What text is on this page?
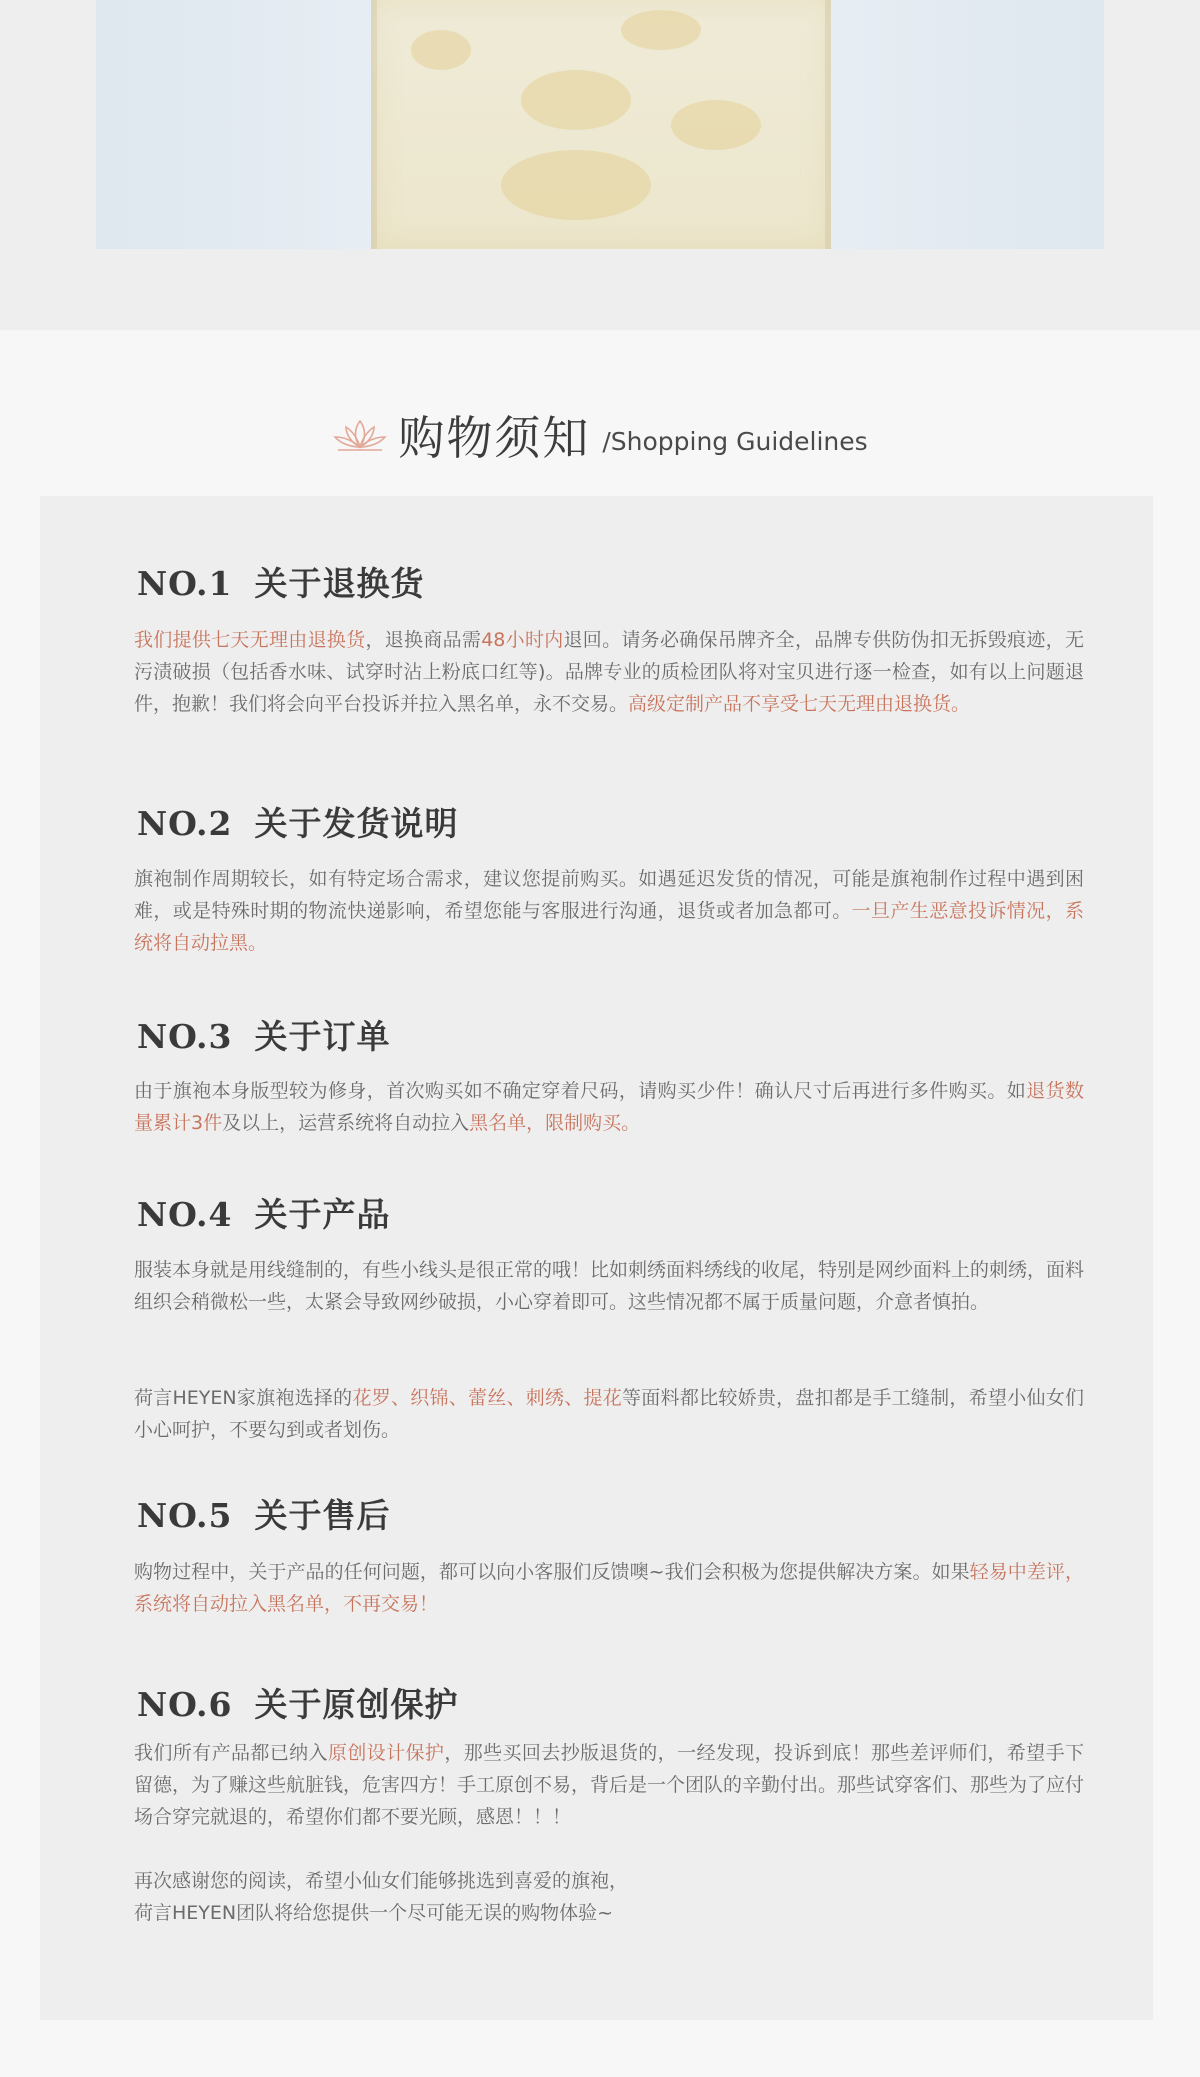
购物须知 /Shopping Guidelines
NO.1 关于退换货

我们提供七天无理由退换货，退换商品需48小时内退回。请务必确保吊牌齐全，品牌专供防伪扣无拆毁痕迹，无污渍破损（包括香水味、试穿时沾上粉底口红等)。品牌专业的质检团队将对宝贝进行逐一检查，如有以上问题退件，抱歉！我们将会向平台投诉并拉入黑名单，永不交易。高级定制产品不享受七天无理由退换货。

NO.2 关于发货说明

旗袍制作周期较长，如有特定场合需求，建议您提前购买。如遇延迟发货的情况，可能是旗袍制作过程中遇到困难，或是特殊时期的物流快递影响，希望您能与客服进行沟通，退货或者加急都可。一旦产生恶意投诉情况，系统将自动拉黑。

NO.3 关于订单

由于旗袍本身版型较为修身，首次购买如不确定穿着尺码，请购买少件！确认尺寸后再进行多件购买。如退货数量累计3件及以上，运营系统将自动拉入黑名单，限制购买。

NO.4 关于产品

服装本身就是用线缝制的，有些小线头是很正常的哦！比如刺绣面料绣线的收尾，特别是网纱面料上的刺绣，面料组织会稍微松一些，太紧会导致网纱破损，小心穿着即可。这些情况都不属于质量问题，介意者慎拍。

荷言HEYEN家旗袍选择的花罗、织锦、蕾丝、刺绣、提花等面料都比较娇贵，盘扣都是手工缝制，希望小仙女们小心呵护，不要勾到或者划伤。

NO.5 关于售后

购物过程中，关于产品的任何问题，都可以向小客服们反馈噢~我们会积极为您提供解决方案。如果轻易中差评，系统将自动拉入黑名单，不再交易！

NO.6 关于原创保护

我们所有产品都已纳入原创设计保护，那些买回去抄版退货的，一经发现，投诉到底！那些差评师们，希望手下留德，为了赚这些航脏钱，危害四方！手工原创不易，背后是一个团队的辛勤付出。那些试穿客们、那些为了应付场合穿完就退的，希望你们都不要光顾，感恩！！！

再次感谢您的阅读，希望小仙女们能够挑选到喜爱的旗袍，

荷言HEYEN团队将给您提供一个尽可能无误的购物体验~
